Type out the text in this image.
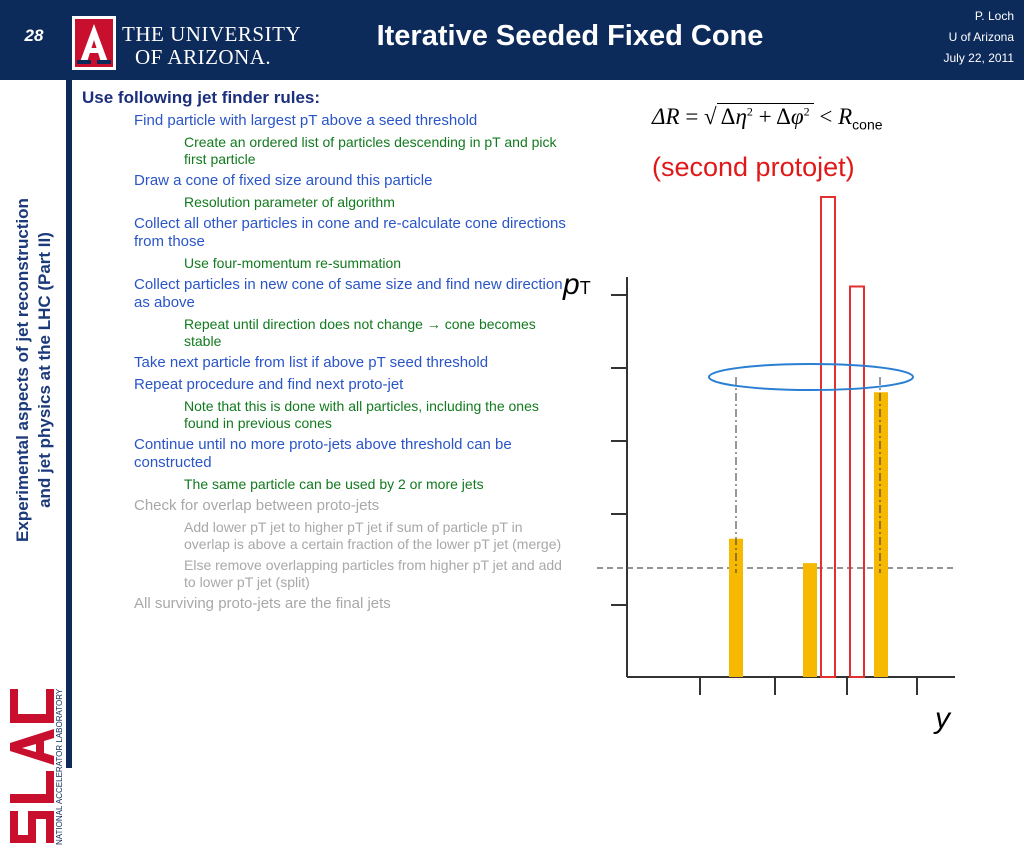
28	THE UNIVERSITY
OF ARIZONA.
Iterative Seeded Fixed Cone
P. Loch
U of Arizona
July 22, 2011
Experimental aspects of jet reconstruction and jet physics at the LHC (Part II)
NATIONAL ACCELERATOR LABORATORY
Use following jet finder rules:
Find particle with largest pT above a seed threshold
Create an ordered list of particles descending in pT and pick first particle
Draw a cone of fixed size around this particle
Resolution parameter of algorithm
Collect all other particles in cone and re-calculate cone directions from those
Use four-momentum re-summation
Collect particles in new cone of same size and find new direction as above
Repeat until direction does not change → cone becomes stable
Take next particle from list if above pT seed threshold
Repeat procedure and find next proto-jet
Note that this is done with all particles, including the ones found in previous cones
Continue until no more proto-jets above threshold can be constructed
The same particle can be used by 2 or more jets
Check for overlap between proto-jets
Add lower pT jet to higher pT jet if sum of particle pT in overlap is above a certain fraction of the lower pT jet (merge)
Else remove overlapping particles from higher pT jet and add to lower pT jet (split)
All surviving proto-jets are the final jets
ΔR = √ $\Delta\eta^2 + \Delta\varphi^2 < R_{cone}$
(second protojet)
pT
y
